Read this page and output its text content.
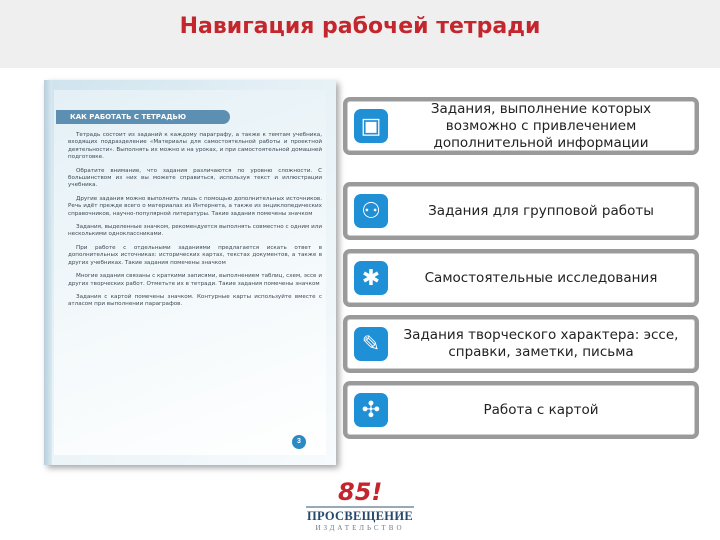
Навигация рабочей тетради
КАК РАБОТАТЬ С ТЕТРАДЬЮ

Тетрадь состоит из заданий к каждому параграфу, а также к темтам учебника, входящих подразделение «Материалы для самостоятельной работы и проектной деятельности». Выполнять их можно и на уроках, и при самостоятельной домашней подготовке.

Обратите внимание, что задания различаются по уровню сложности. С большинством из них вы можете справиться, используя текст и иллюстрации учебника.

Другие задания можно выполнить лишь с помощью дополнительных источников. Речь идёт прежде всего о материалах из Интернета, а также из энциклопедических справочников, научно-популярной литературы. Такие задания помечены значком

Задания, выделенные значком, рекомендуется выполнять совместно с одним или несколькими одноклассниками.

При работе с отдельными заданиями предлагается искать ответ в дополнительных источниках: исторических картах, текстах документов, а также в других учебниках. Такие задания помечены значком

Многие задания связаны с краткими записями, выполнением таблиц, схем, эссе и других творческих работ. Отметьте их в тетради. Такие задания помечены значком

Задания с картой помечены значком. Контурные карты используйте вместе с атласом при выполнении параграфов.

3
▣
Задания, выполнение которых возможно с привлечением дополнительной информации
⚇	Задания для групповой работы
✱	Самостоятельные исследования
✎	Задания творческого характера: эссе, справки, заметки, письма
✣	Работа с картой
85!
ПРОСВЕЩЕНИЕ
ИЗДАТЕЛЬСТВО
